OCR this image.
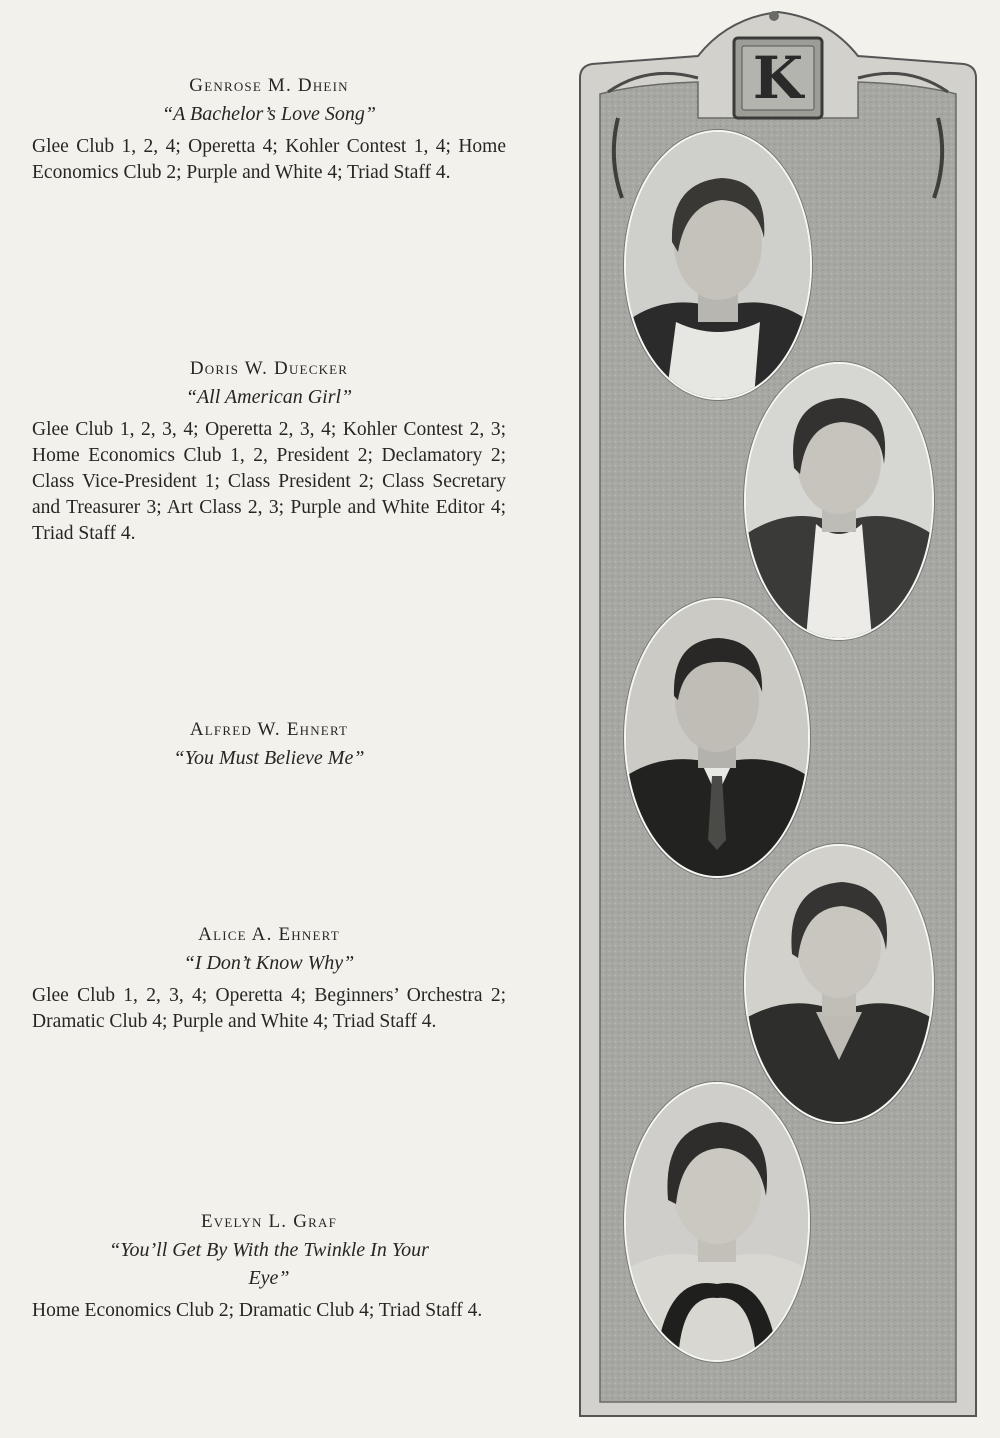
Genrose M. Dhein

“A Bachelor’s Love Song”

Glee Club 1, 2, 4; Operetta 4; Kohler Contest 1, 4; Home Economics Club 2; Purple and White 4; Triad Staff 4.

Doris W. Duecker

“All American Girl”

Glee Club 1, 2, 3, 4; Operetta 2, 3, 4; Kohler Contest 2, 3; Home Economics Club 1, 2, President 2; Declamatory 2; Class Vice-President 1; Class President 2; Class Secretary and Treasurer 3; Art Class 2, 3; Purple and White Editor 4; Triad Staff 4.

Alfred W. Ehnert

“You Must Believe Me”

Alice A. Ehnert

“I Don’t Know Why”

Glee Club 1, 2, 3, 4; Operetta 4; Beginners’ Orchestra 2; Dramatic Club 4; Purple and White 4; Triad Staff 4.

Evelyn L. Graf

“You’ll Get By With the Twinkle In Your Eye”

Home Economics Club 2; Dramatic Club 4; Triad Staff 4.

K
